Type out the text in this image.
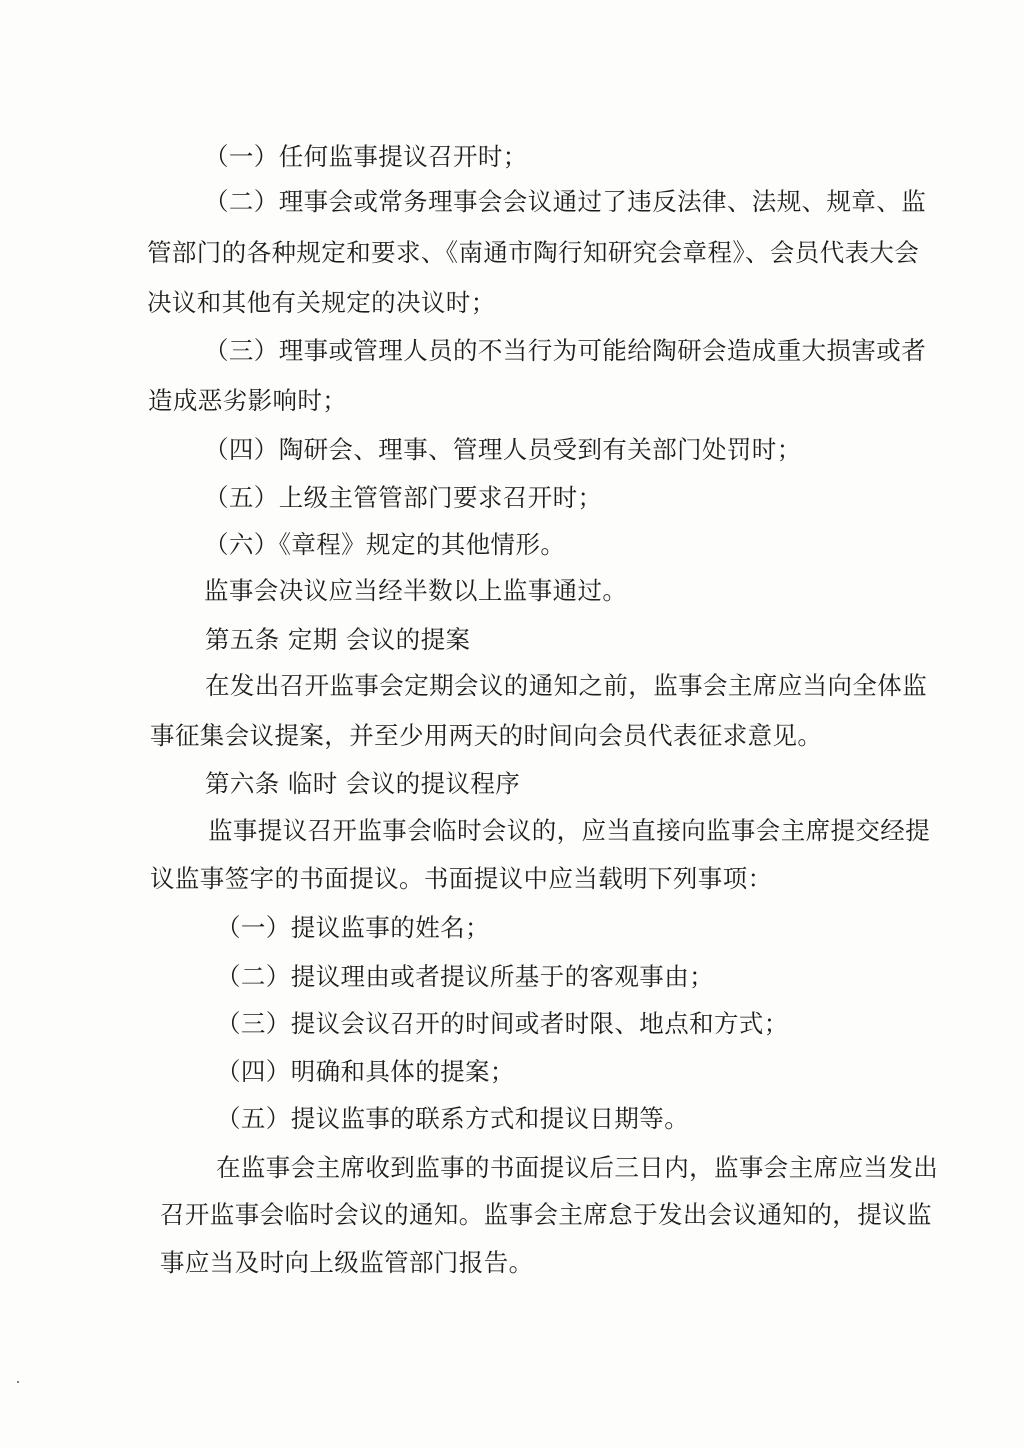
（一）任何监事提议召开时；
（二）理事会或常务理事会会议通过了违反法律、法规、规章、监
管部门的各种规定和要求、《南通市陶行知研究会章程》、会员代表大会
决议和其他有关规定的决议时；
（三）理事或管理人员的不当行为可能给陶研会造成重大损害或者
造成恶劣影响时；
（四）陶研会、理事、管理人员受到有关部门处罚时；
（五）上级主管管部门要求召开时；
（六）《章程》规定的其他情形。
监事会决议应当经半数以上监事通过。
第五条 定期 会议的提案
在发出召开监事会定期会议的通知之前，监事会主席应当向全体监
事征集会议提案，并至少用两天的时间向会员代表征求意见。
第六条 临时 会议的提议程序
监事提议召开监事会临时会议的，应当直接向监事会主席提交经提
议监事签字的书面提议。书面提议中应当载明下列事项：
（一）提议监事的姓名；
（二）提议理由或者提议所基于的客观事由；
（三）提议会议召开的时间或者时限、地点和方式；
（四）明确和具体的提案；
（五）提议监事的联系方式和提议日期等。
在监事会主席收到监事的书面提议后三日内，监事会主席应当发出
召开监事会临时会议的通知。监事会主席怠于发出会议通知的，提议监
事应当及时向上级监管部门报告。
